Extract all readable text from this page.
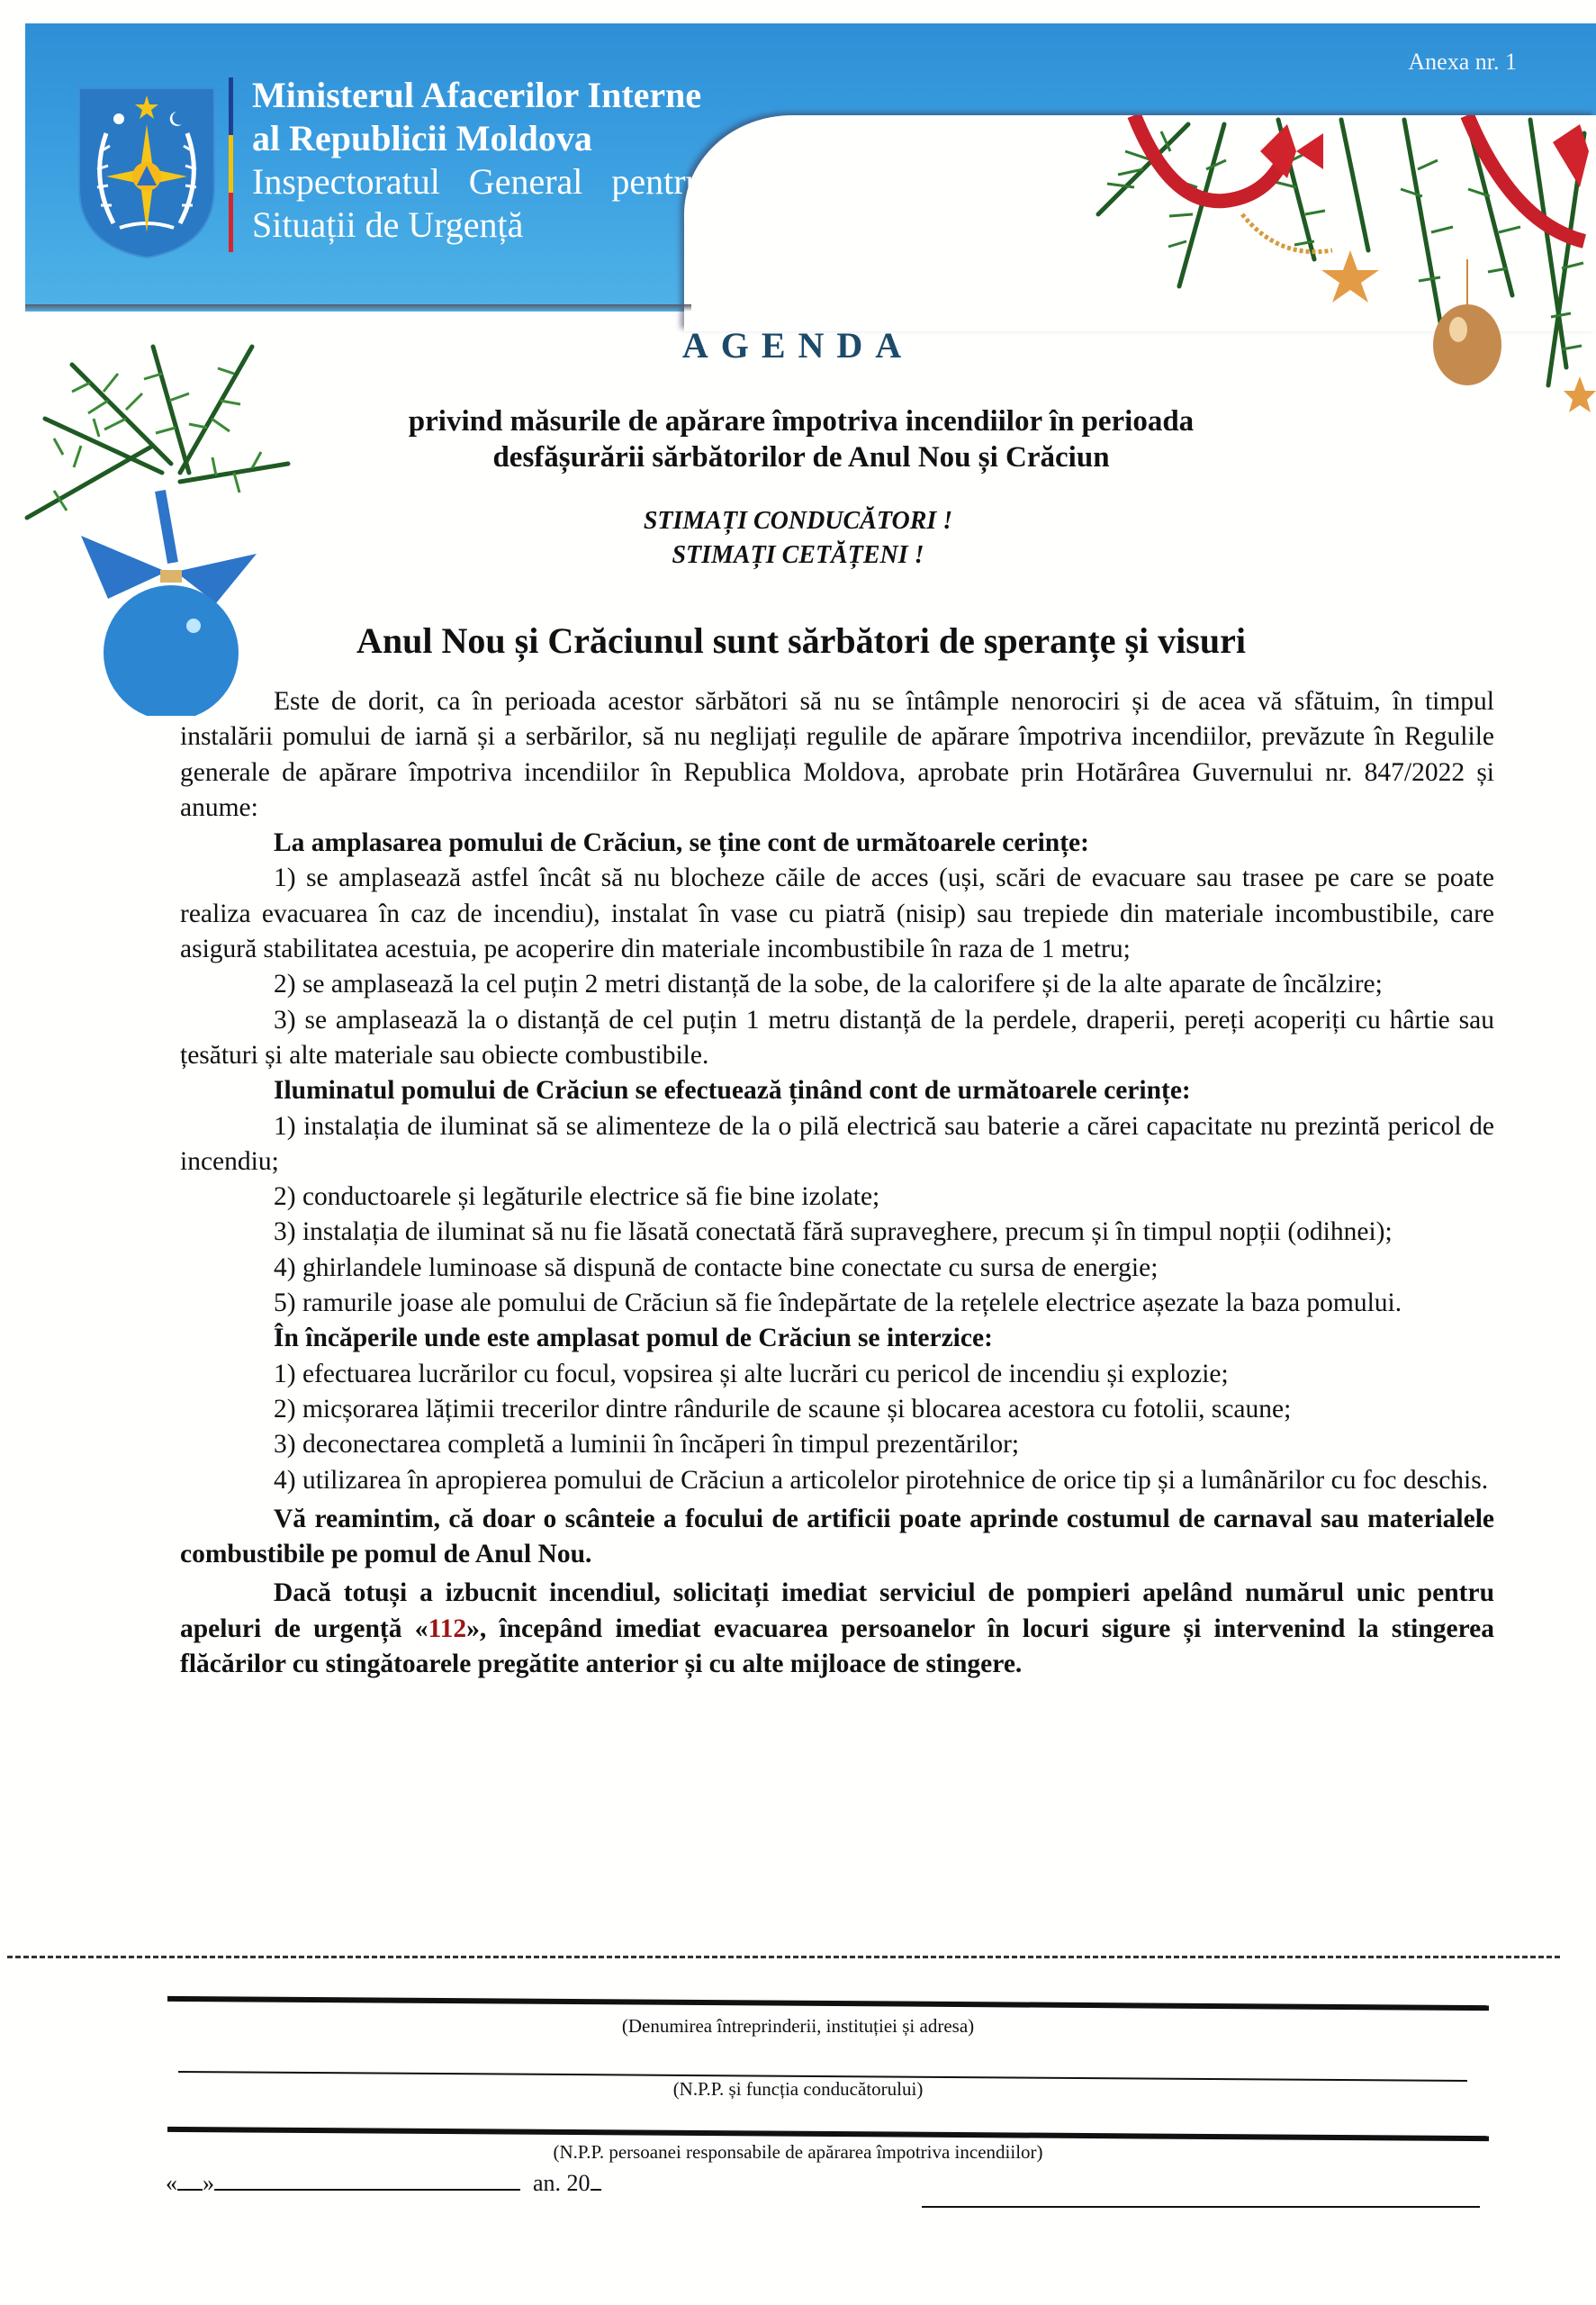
Ministerul Afacerilor Interne
al Republicii Moldova
Inspectoratul General pentru
Situații de Urgență
Anexa nr. 1
AGENDA
privind măsurile de apărare împotriva incendiilor în perioada
desfășurării sărbătorilor de Anul Nou și Crăciun
STIMAȚI CONDUCĂTORI !
STIMAȚI CETĂȚENI !
Anul Nou și Crăciunul sunt sărbători de speranțe și visuri

Este de dorit, ca în perioada acestor sărbători să nu se întâmple nenorociri și de acea vă sfătuim, în timpul instalării pomului de iarnă și a serbărilor, să nu neglijați regulile de apărare împotriva incendiilor, prevăzute în Regulile generale de apărare împotriva incendiilor în Republica Moldova, aprobate prin Hotărârea Guvernului nr. 847/2022 și anume:

La amplasarea pomului de Crăciun, se ține cont de următoarele cerințe:

1) se amplasează astfel încât să nu blocheze căile de acces (uși, scări de evacuare sau trasee pe care se poate realiza evacuarea în caz de incendiu), instalat în vase cu piatră (nisip) sau trepiede din materiale incombustibile, care asigură stabilitatea acestuia, pe acoperire din materiale incombustibile în raza de 1 metru;

2) se amplasează la cel puțin 2 metri distanță de la sobe, de la calorifere și de la alte aparate de încălzire;

3) se amplasează la o distanță de cel puțin 1 metru distanță de la perdele, draperii, pereți acoperiți cu hârtie sau țesături și alte materiale sau obiecte combustibile.

Iluminatul pomului de Crăciun se efectuează ținând cont de următoarele cerințe:

1) instalația de iluminat să se alimenteze de la o pilă electrică sau baterie a cărei capacitate nu prezintă pericol de incendiu;

2) conductoarele și legăturile electrice să fie bine izolate;

3) instalația de iluminat să nu fie lăsată conectată fără supraveghere, precum și în timpul nopții (odihnei);

4) ghirlandele luminoase să dispună de contacte bine conectate cu sursa de energie;

5) ramurile joase ale pomului de Crăciun să fie îndepărtate de la rețelele electrice așezate la baza pomului.

În încăperile unde este amplasat pomul de Crăciun se interzice:

1) efectuarea lucrărilor cu focul, vopsirea și alte lucrări cu pericol de incendiu și explozie;

2) micșorarea lățimii trecerilor dintre rândurile de scaune și blocarea acestora cu fotolii, scaune;

3) deconectarea completă a luminii în încăperi în timpul prezentărilor;

4) utilizarea în apropierea pomului de Crăciun a articolelor pirotehnice de orice tip și a lumânărilor cu foc deschis.

Vă reamintim, că doar o scânteie a focului de artificii poate aprinde costumul de carnaval sau materialele combustibile pe pomul de Anul Nou.

Dacă totuși a izbucnit incendiul, solicitați imediat serviciul de pompieri apelând numărul unic pentru apeluri de urgență «112», începând imediat evacuarea persoanelor în locuri sigure și intervenind la stingerea flăcărilor cu stingătoarele pregătite anterior și cu alte mijloace de stingere.

(Denumirea întreprinderii, instituției și adresa)
(N.P.P. și funcția conducătorului)
(N.P.P. persoanei responsabile de apărarea împotriva incendiilor)
« »	an. 20
